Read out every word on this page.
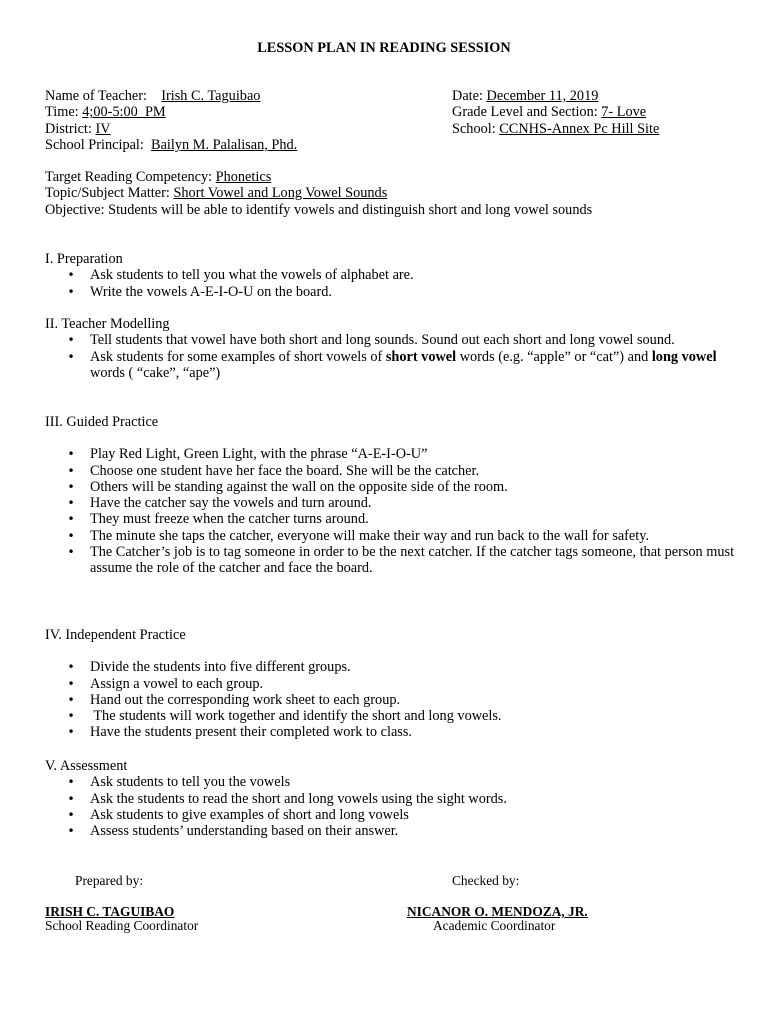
LESSON PLAN IN READING SESSION
Name of Teacher: Irish C. Taguibao	Date: December 11, 2019
Time: 4;00-5:00  PM	Grade Level and Section: 7- Love
District: IV	School: CCNHS-Annex Pc Hill Site
School Principal: Bailyn M. Palalisan, Phd.
Target Reading Competency: Phonetics
Topic/Subject Matter: Short Vowel and Long Vowel Sounds
Objective: Students will be able to identify vowels and distinguish short and long vowel sounds
I. Preparation
• Ask students to tell you what the vowels of alphabet are.
• Write the vowels A-E-I-O-U on the board.
II. Teacher Modelling
• Tell students that vowel have both short and long sounds. Sound out each short and long vowel sound.
• Ask students for some examples of short vowels of short vowel words (e.g. “apple” or “cat”) and long vowel words ( “cake”, “ape”)
III. Guided Practice
• Play Red Light, Green Light, with the phrase “A-E-I-O-U”
• Choose one student have her face the board. She will be the catcher.
• Others will be standing against the wall on the opposite side of the room.
• Have the catcher say the vowels and turn around.
• They must freeze when the catcher turns around.
• The minute she taps the catcher, everyone will make their way and run back to the wall for safety.
• The Catcher’s job is to tag someone in order to be the next catcher. If the catcher tags someone, that person must assume the role of the catcher and face the board.
IV. Independent Practice
• Divide the students into five different groups.
• Assign a vowel to each group.
• Hand out the corresponding work sheet to each group.
• The students will work together and identify the short and long vowels.
• Have the students present their completed work to class.
V. Assessment
• Ask students to tell you the vowels
• Ask the students to read the short and long vowels using the sight words.
• Ask students to give examples of short and long vowels
• Assess students’ understanding based on their answer.
Prepared by:	Checked by:
IRISH C. TAGUIBAO
School Reading Coordinator
NICANOR O. MENDOZA, JR.
Academic Coordinator
